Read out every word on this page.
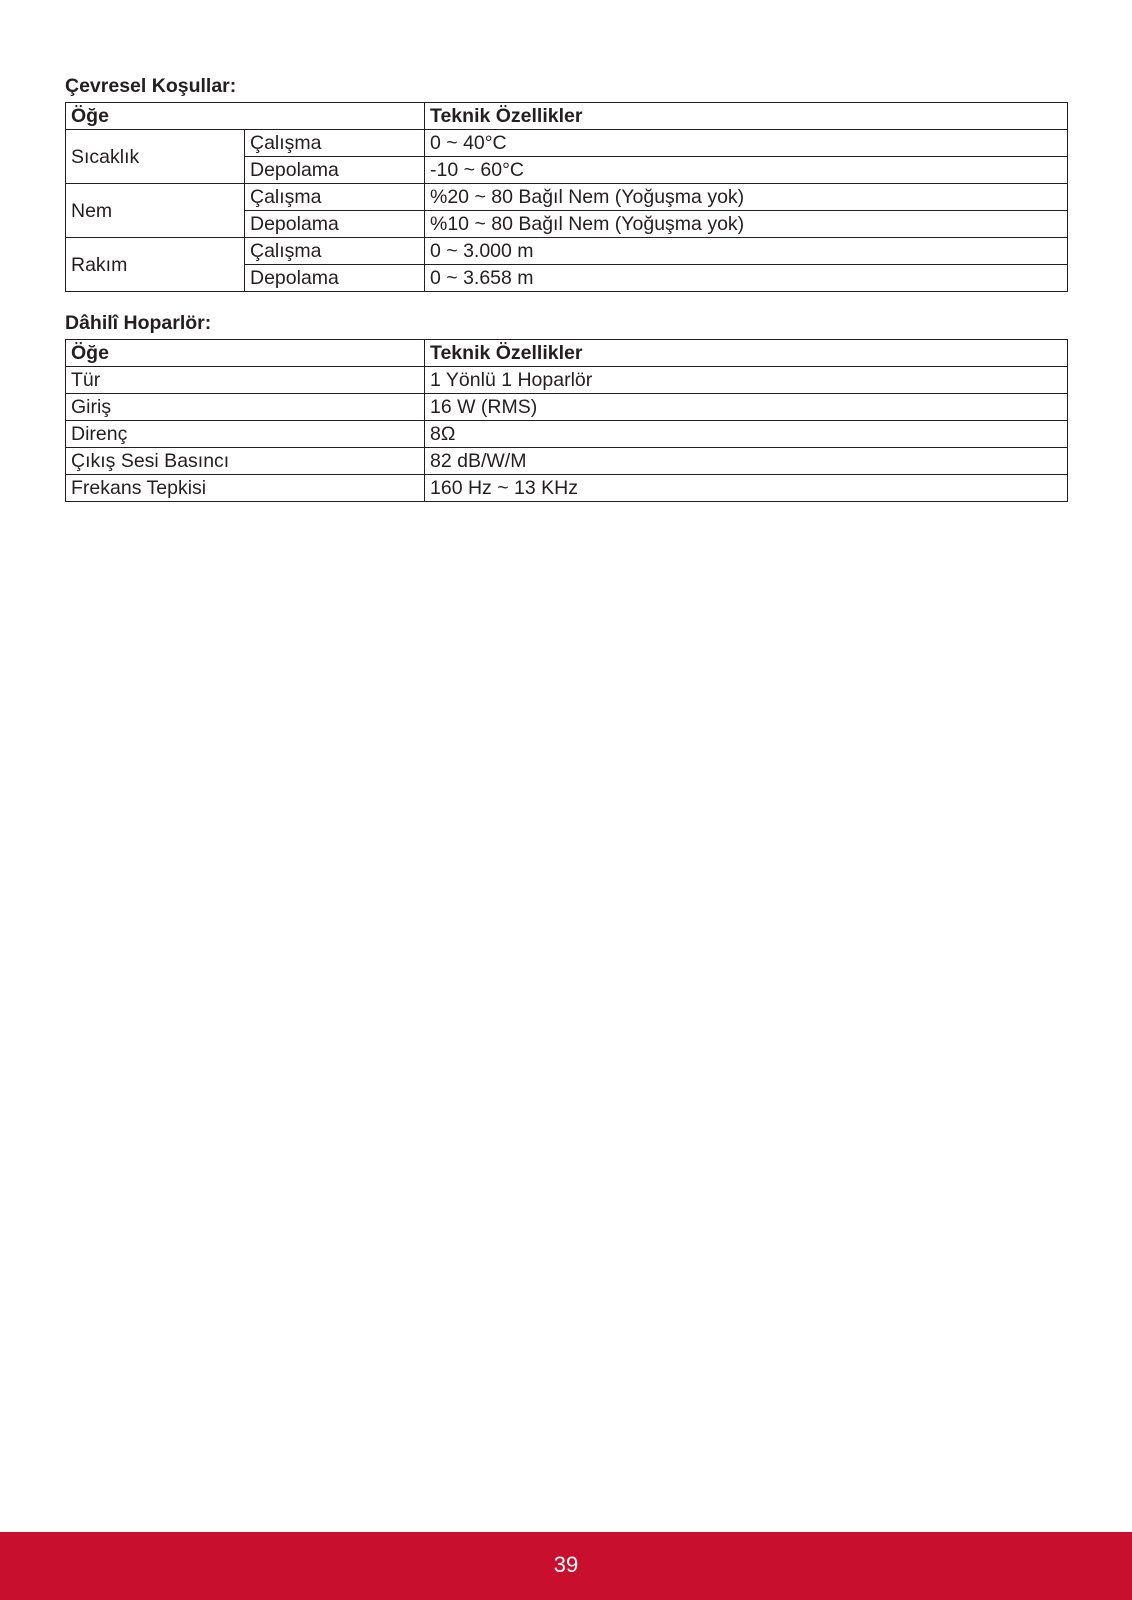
Çevresel Koşullar:
Öğe		Teknik Özellikler
Sıcaklık	Çalışma	0 ~ 40°C
	Depolama	-10 ~ 60°C
Nem	Çalışma	%20 ~ 80 Bağıl Nem (Yoğuşma yok)
	Depolama	%10 ~ 80 Bağıl Nem (Yoğuşma yok)
Rakım	Çalışma	0 ~ 3.000 m
	Depolama	0 ~ 3.658 m
Dâhilî Hoparlör:
Öğe	Teknik Özellikler
Tür	1 Yönlü 1 Hoparlör
Giriş	16 W (RMS)
Direnç	8Ω
Çıkış Sesi Basıncı	82 dB/W/M
Frekans Tepkisi	160 Hz ~ 13 KHz
39
